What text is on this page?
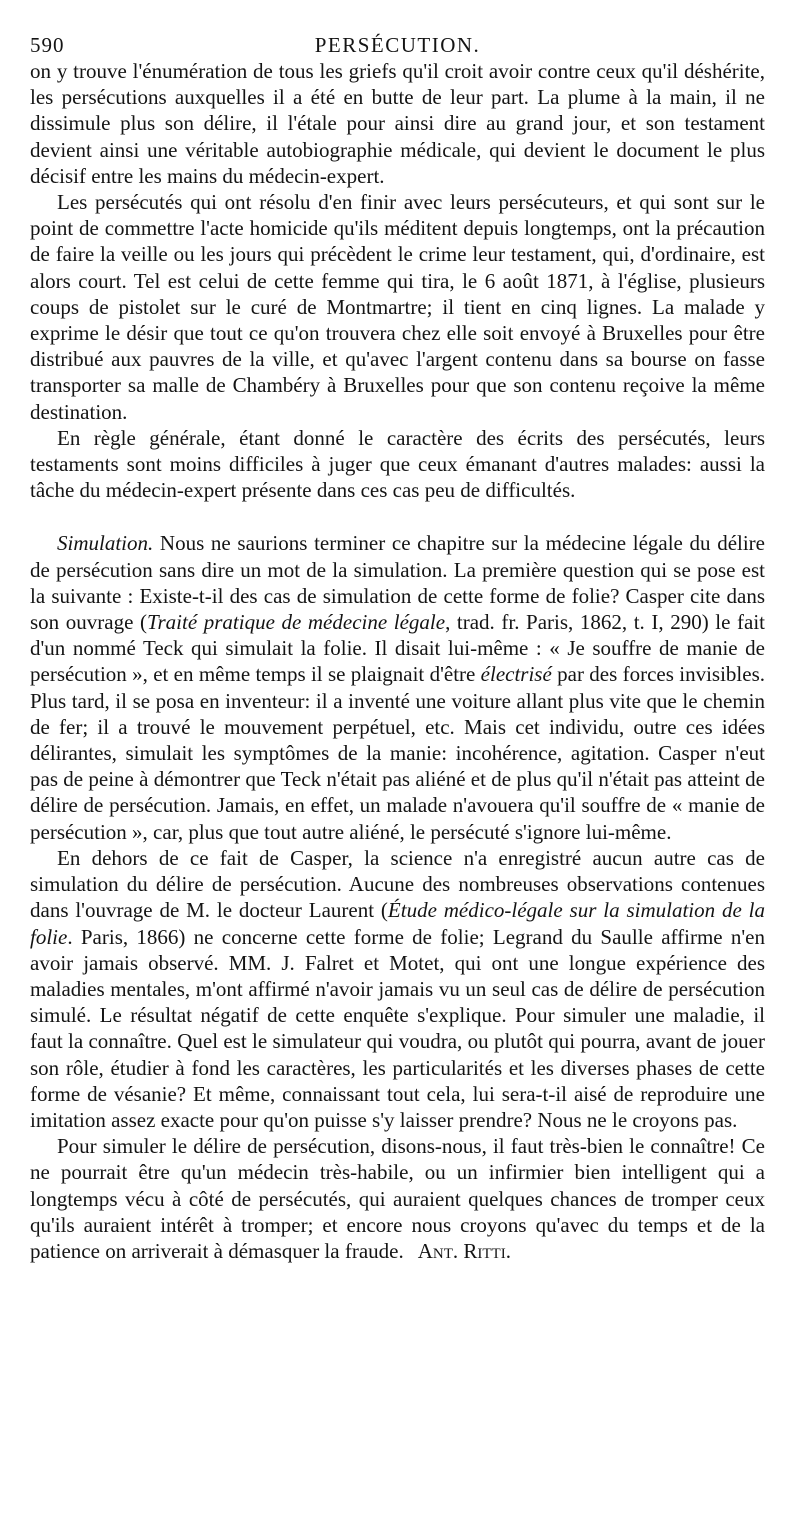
590	PERSÉCUTION.

on y trouve l'énumération de tous les griefs qu'il croit avoir contre ceux qu'il déshérite, les persécutions auxquelles il a été en butte de leur part. La plume à la main, il ne dissimule plus son délire, il l'étale pour ainsi dire au grand jour, et son testament devient ainsi une véritable autobiographie médicale, qui devient le document le plus décisif entre les mains du médecin-expert.

Les persécutés qui ont résolu d'en finir avec leurs persécuteurs, et qui sont sur le point de commettre l'acte homicide qu'ils méditent depuis longtemps, ont la précaution de faire la veille ou les jours qui précèdent le crime leur testament, qui, d'ordinaire, est alors court. Tel est celui de cette femme qui tira, le 6 août 1871, à l'église, plusieurs coups de pistolet sur le curé de Montmartre; il tient en cinq lignes. La malade y exprime le désir que tout ce qu'on trouvera chez elle soit envoyé à Bruxelles pour être distribué aux pauvres de la ville, et qu'avec l'argent contenu dans sa bourse on fasse transporter sa malle de Chambéry à Bruxelles pour que son contenu reçoive la même destination.

En règle générale, étant donné le caractère des écrits des persécutés, leurs testaments sont moins difficiles à juger que ceux émanant d'autres malades: aussi la tâche du médecin-expert présente dans ces cas peu de difficultés.

Simulation. Nous ne saurions terminer ce chapitre sur la médecine légale du délire de persécution sans dire un mot de la simulation. La première question qui se pose est la suivante : Existe-t-il des cas de simulation de cette forme de folie? Casper cite dans son ouvrage (Traité pratique de médecine légale, trad. fr. Paris, 1862, t. I, 290) le fait d'un nommé Teck qui simulait la folie. Il disait lui-même : « Je souffre de manie de persécution », et en même temps il se plaignait d'être électrisé par des forces invisibles. Plus tard, il se posa en inventeur: il a inventé une voiture allant plus vite que le chemin de fer; il a trouvé le mouvement perpétuel, etc. Mais cet individu, outre ces idées délirantes, simulait les symptômes de la manie: incohérence, agitation. Casper n'eut pas de peine à démontrer que Teck n'était pas aliéné et de plus qu'il n'était pas atteint de délire de persécution. Jamais, en effet, un malade n'avouera qu'il souffre de « manie de persécution », car, plus que tout autre aliéné, le persécuté s'ignore lui-même.

En dehors de ce fait de Casper, la science n'a enregistré aucun autre cas de simulation du délire de persécution. Aucune des nombreuses observations contenues dans l'ouvrage de M. le docteur Laurent (Étude médico-légale sur la simulation de la folie. Paris, 1866) ne concerne cette forme de folie; Legrand du Saulle affirme n'en avoir jamais observé. MM. J. Falret et Motet, qui ont une longue expérience des maladies mentales, m'ont affirmé n'avoir jamais vu un seul cas de délire de persécution simulé. Le résultat négatif de cette enquête s'explique. Pour simuler une maladie, il faut la connaître. Quel est le simulateur qui voudra, ou plutôt qui pourra, avant de jouer son rôle, étudier à fond les caractères, les particularités et les diverses phases de cette forme de vésanie? Et même, connaissant tout cela, lui sera-t-il aisé de reproduire une imitation assez exacte pour qu'on puisse s'y laisser prendre? Nous ne le croyons pas.

Pour simuler le délire de persécution, disons-nous, il faut très-bien le connaître! Ce ne pourrait être qu'un médecin très-habile, ou un infirmier bien intelligent qui a longtemps vécu à côté de persécutés, qui auraient quelques chances de tromper ceux qu'ils auraient intérêt à tromper; et encore nous croyons qu'avec du temps et de la patience on arriverait à démasquer la fraude. Ant. Ritti.
